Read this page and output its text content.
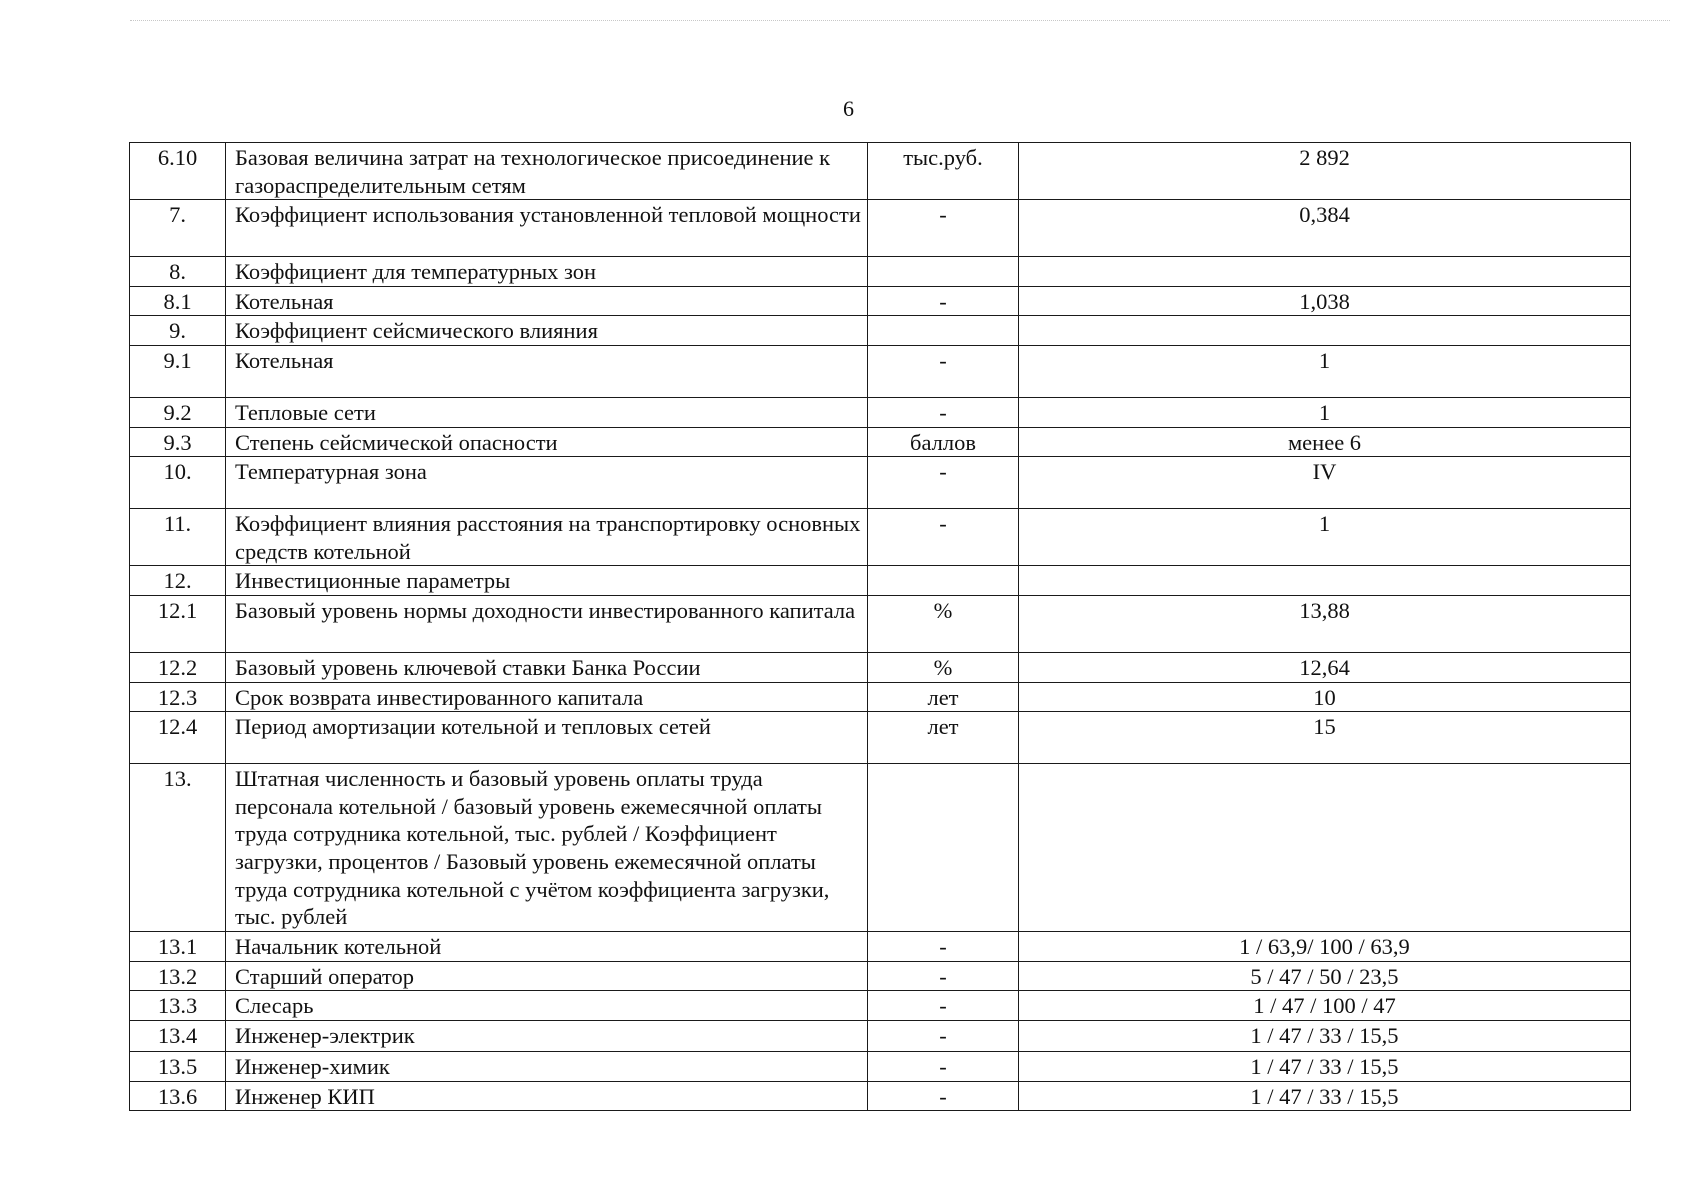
6
6.10	Базовая величина затрат на технологическое присоединение к газораспределительным сетям	тыс.руб.	2 892
7.	Коэффициент использования установленной тепловой мощности	-	0,384
8.	Коэффициент для температурных зон		
8.1	Котельная	-	1,038
9.	Коэффициент сейсмического влияния		
9.1	Котельная	-	1
9.2	Тепловые сети	-	1
9.3	Степень сейсмической опасности	баллов	менее 6
10.	Температурная зона	-	IV
11.	Коэффициент влияния расстояния на транспортировку основных средств котельной	-	1
12.	Инвестиционные параметры		
12.1	Базовый уровень нормы доходности инвестированного капитала	%	13,88
12.2	Базовый уровень ключевой ставки Банка России	%	12,64
12.3	Срок возврата инвестированного капитала	лет	10
12.4	Период амортизации котельной и тепловых сетей	лет	15
13.	Штатная численность и базовый уровень оплаты труда персонала котельной / базовый уровень ежемесячной оплаты труда сотрудника котельной, тыс. рублей / Коэффициент загрузки, процентов / Базовый уровень ежемесячной оплаты труда сотрудника котельной с учётом коэффициента загрузки, тыс. рублей		
13.1	Начальник котельной	-	1 / 63,9/ 100 / 63,9
13.2	Старший оператор	-	5 / 47 / 50 / 23,5
13.3	Слесарь	-	1 / 47 / 100 / 47
13.4	Инженер-электрик	-	1 / 47 / 33 / 15,5
13.5	Инженер-химик	-	1 / 47 / 33 / 15,5
13.6	Инженер КИП	-	1 / 47 / 33 / 15,5
